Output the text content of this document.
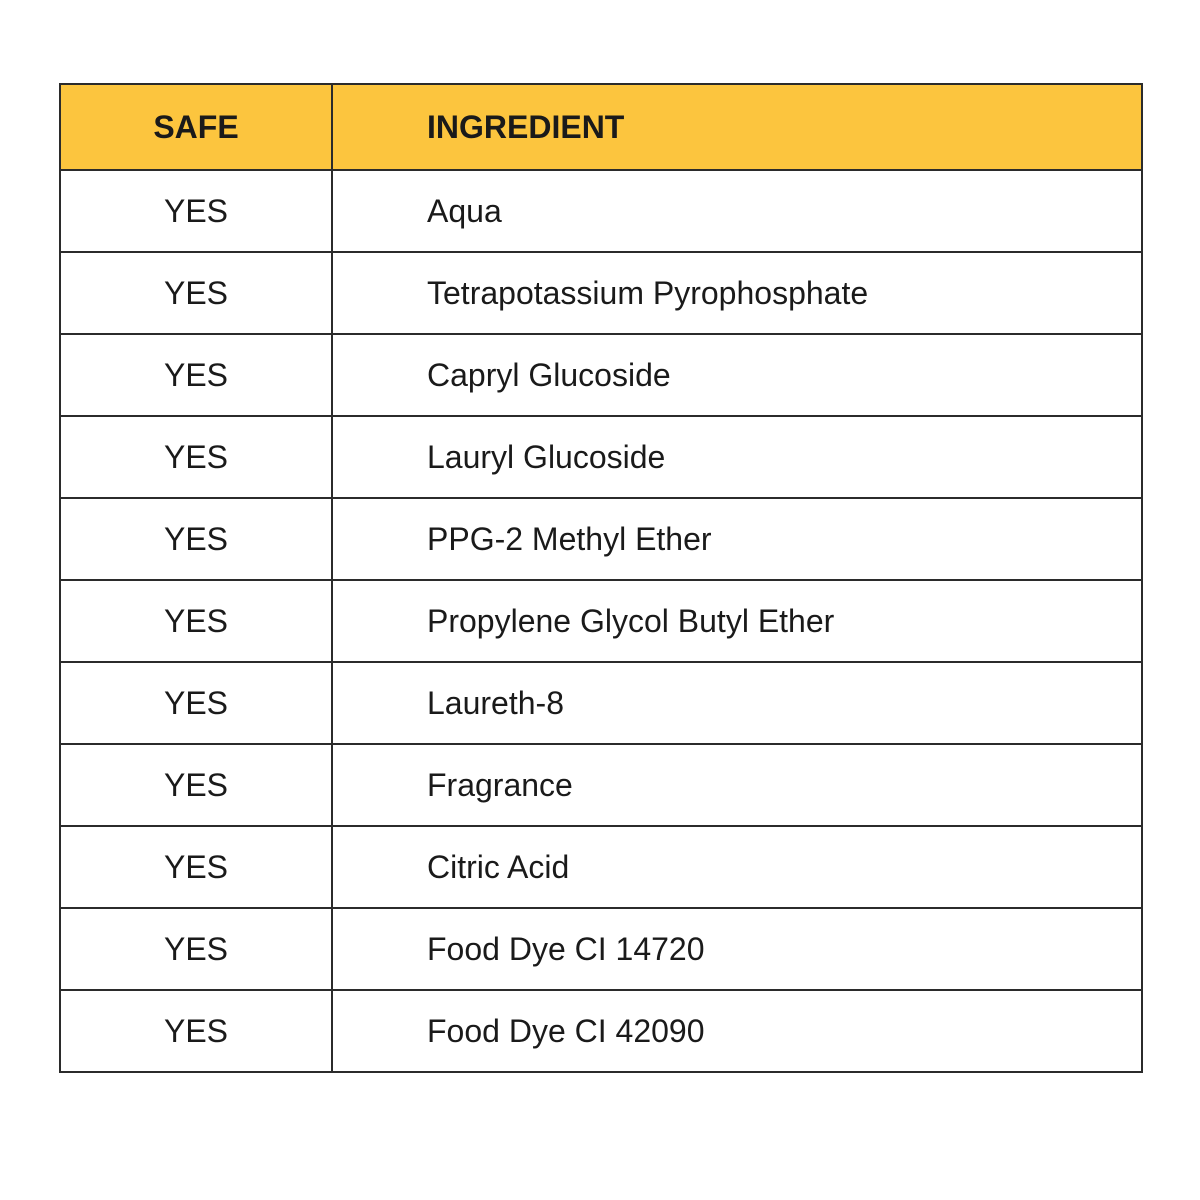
SAFE	INGREDIENT
YES	Aqua
YES	Tetrapotassium Pyrophosphate
YES	Capryl Glucoside
YES	Lauryl Glucoside
YES	PPG-2 Methyl Ether
YES	Propylene Glycol Butyl Ether
YES	Laureth-8
YES	Fragrance
YES	Citric Acid
YES	Food Dye CI 14720
YES	Food Dye CI 42090
